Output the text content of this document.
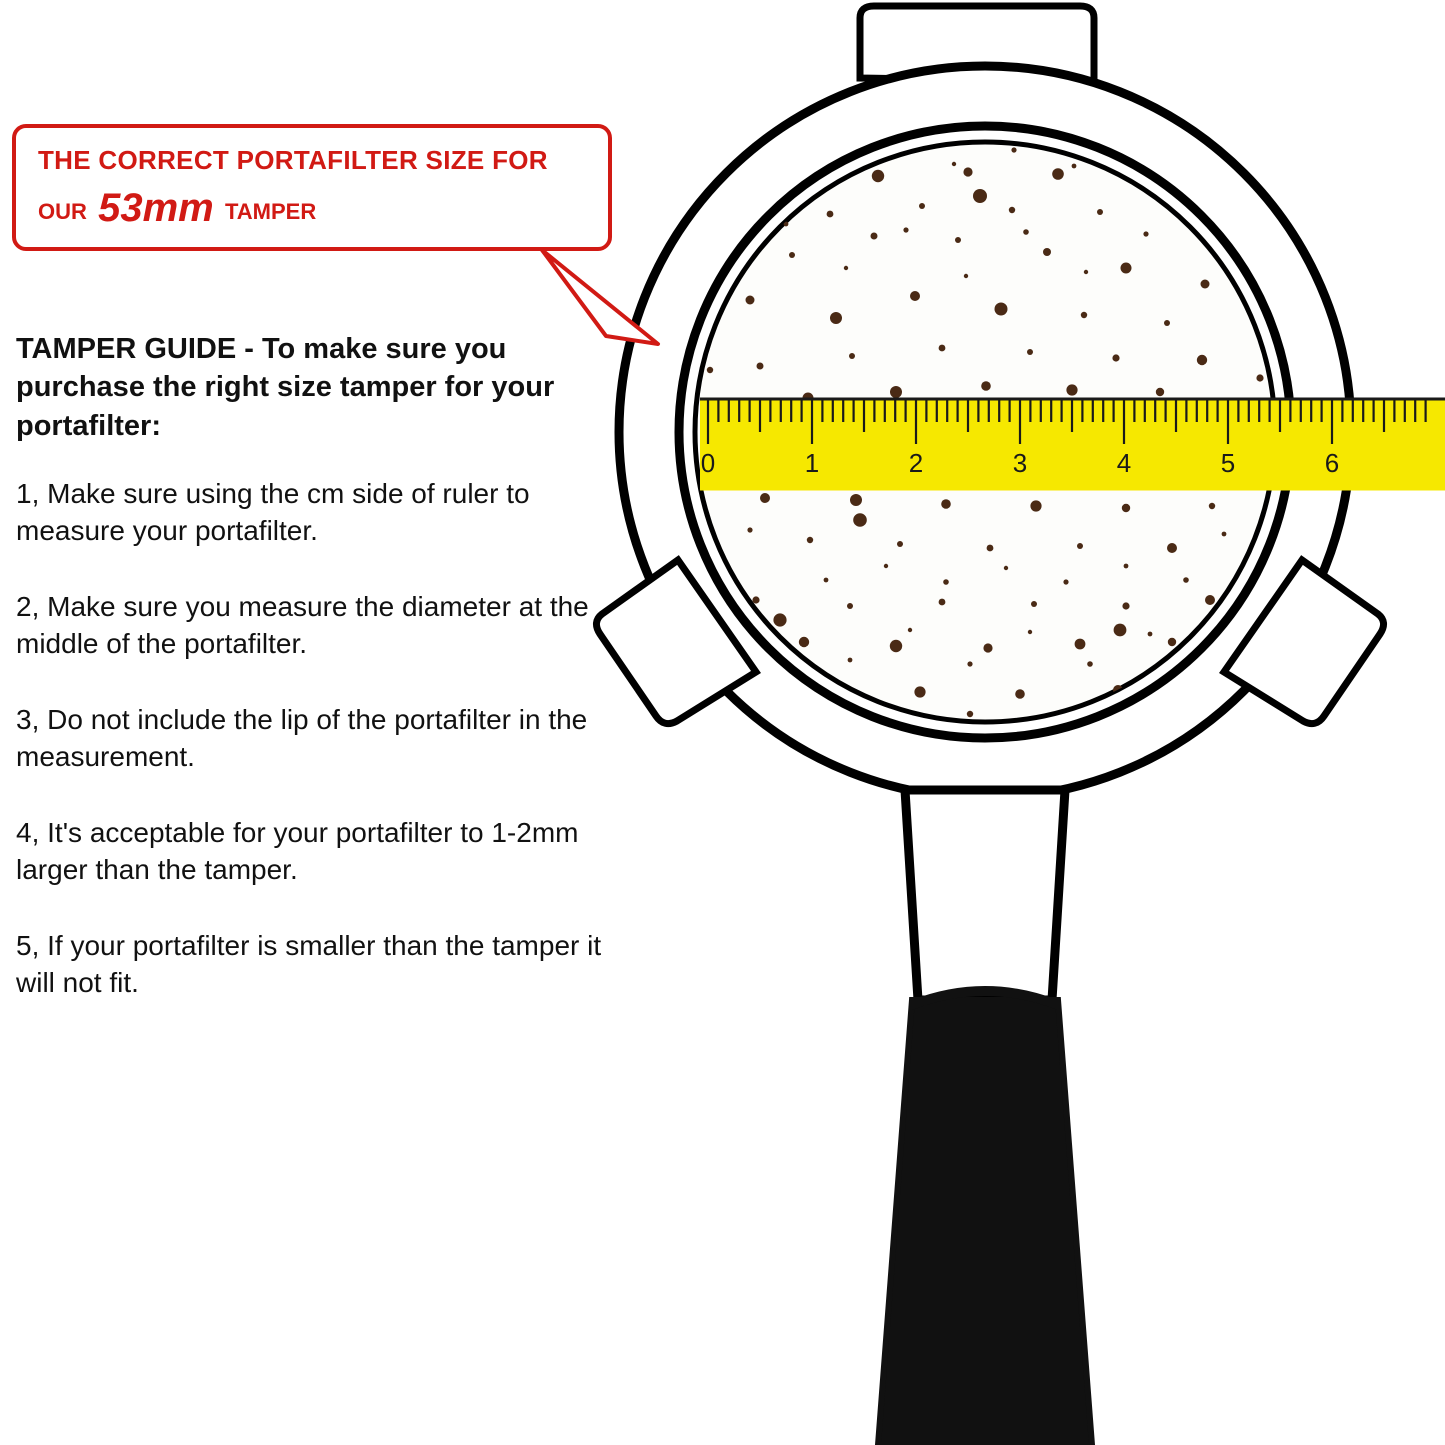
0	1	2	3	4	5	6
THE CORRECT PORTAFILTER SIZE FOR
OUR 53mm TAMPER
TAMPER GUIDE - To make sure you purchase the right size tamper for your portafilter:
1, Make sure using the cm side of ruler to measure your portafilter.
2, Make sure you measure the diameter at the middle of the portafilter.
3, Do not include the lip of the portafilter in the measurement.
4, It's acceptable for your portafilter to 1-2mm larger than the tamper.
5, If your portafilter is smaller than the tamper it will not fit.
